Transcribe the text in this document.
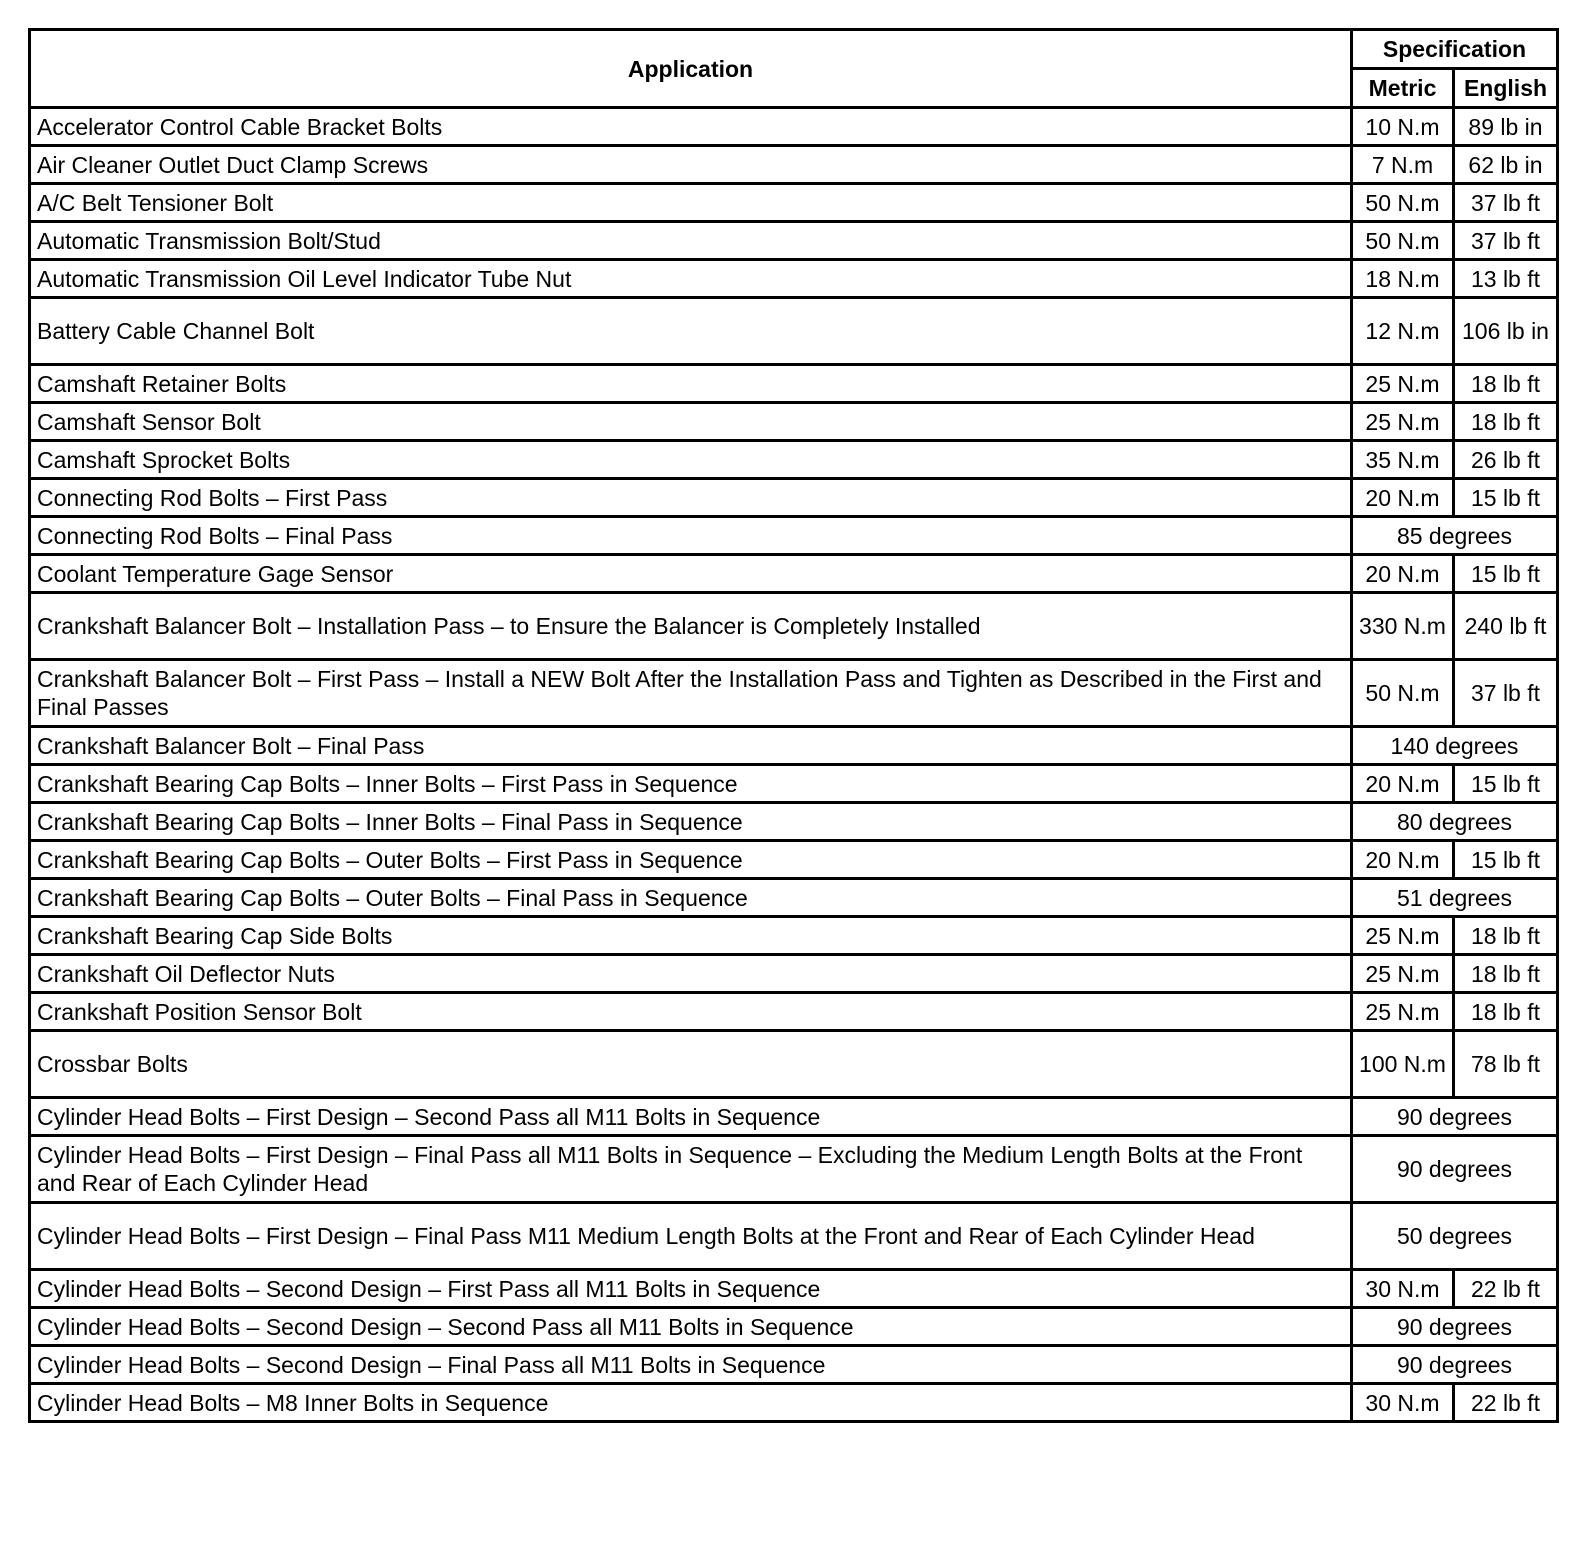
Application	Specification	
	Metric	English
Accelerator Control Cable Bracket Bolts	10 N.m	89 lb in
Air Cleaner Outlet Duct Clamp Screws	7 N.m	62 lb in
A/C Belt Tensioner Bolt	50 N.m	37 lb ft
Automatic Transmission Bolt/Stud	50 N.m	37 lb ft
Automatic Transmission Oil Level Indicator Tube Nut	18 N.m	13 lb ft
Battery Cable Channel Bolt	12 N.m	106 lb in
Camshaft Retainer Bolts	25 N.m	18 lb ft
Camshaft Sensor Bolt	25 N.m	18 lb ft
Camshaft Sprocket Bolts	35 N.m	26 lb ft
Connecting Rod Bolts – First Pass	20 N.m	15 lb ft
Connecting Rod Bolts – Final Pass	85 degrees	
Coolant Temperature Gage Sensor	20 N.m	15 lb ft
Crankshaft Balancer Bolt – Installation Pass – to Ensure the Balancer is Completely Installed	330 N.m	240 lb ft
Crankshaft Balancer Bolt – First Pass – Install a NEW Bolt After the Installation Pass and Tighten as Described in the First and Final Passes	50 N.m	37 lb ft
Crankshaft Balancer Bolt – Final Pass	140 degrees	
Crankshaft Bearing Cap Bolts – Inner Bolts – First Pass in Sequence	20 N.m	15 lb ft
Crankshaft Bearing Cap Bolts – Inner Bolts – Final Pass in Sequence	80 degrees	
Crankshaft Bearing Cap Bolts – Outer Bolts – First Pass in Sequence	20 N.m	15 lb ft
Crankshaft Bearing Cap Bolts – Outer Bolts – Final Pass in Sequence	51 degrees	
Crankshaft Bearing Cap Side Bolts	25 N.m	18 lb ft
Crankshaft Oil Deflector Nuts	25 N.m	18 lb ft
Crankshaft Position Sensor Bolt	25 N.m	18 lb ft
Crossbar Bolts	100 N.m	78 lb ft
Cylinder Head Bolts – First Design – Second Pass all M11 Bolts in Sequence	90 degrees	
Cylinder Head Bolts – First Design – Final Pass all M11 Bolts in Sequence – Excluding the Medium Length Bolts at the Front and Rear of Each Cylinder Head	90 degrees	
Cylinder Head Bolts – First Design – Final Pass M11 Medium Length Bolts at the Front and Rear of Each Cylinder Head	50 degrees	
Cylinder Head Bolts – Second Design – First Pass all M11 Bolts in Sequence	30 N.m	22 lb ft
Cylinder Head Bolts – Second Design – Second Pass all M11 Bolts in Sequence	90 degrees	
Cylinder Head Bolts – Second Design – Final Pass all M11 Bolts in Sequence	90 degrees	
Cylinder Head Bolts – M8 Inner Bolts in Sequence	30 N.m	22 lb ft
